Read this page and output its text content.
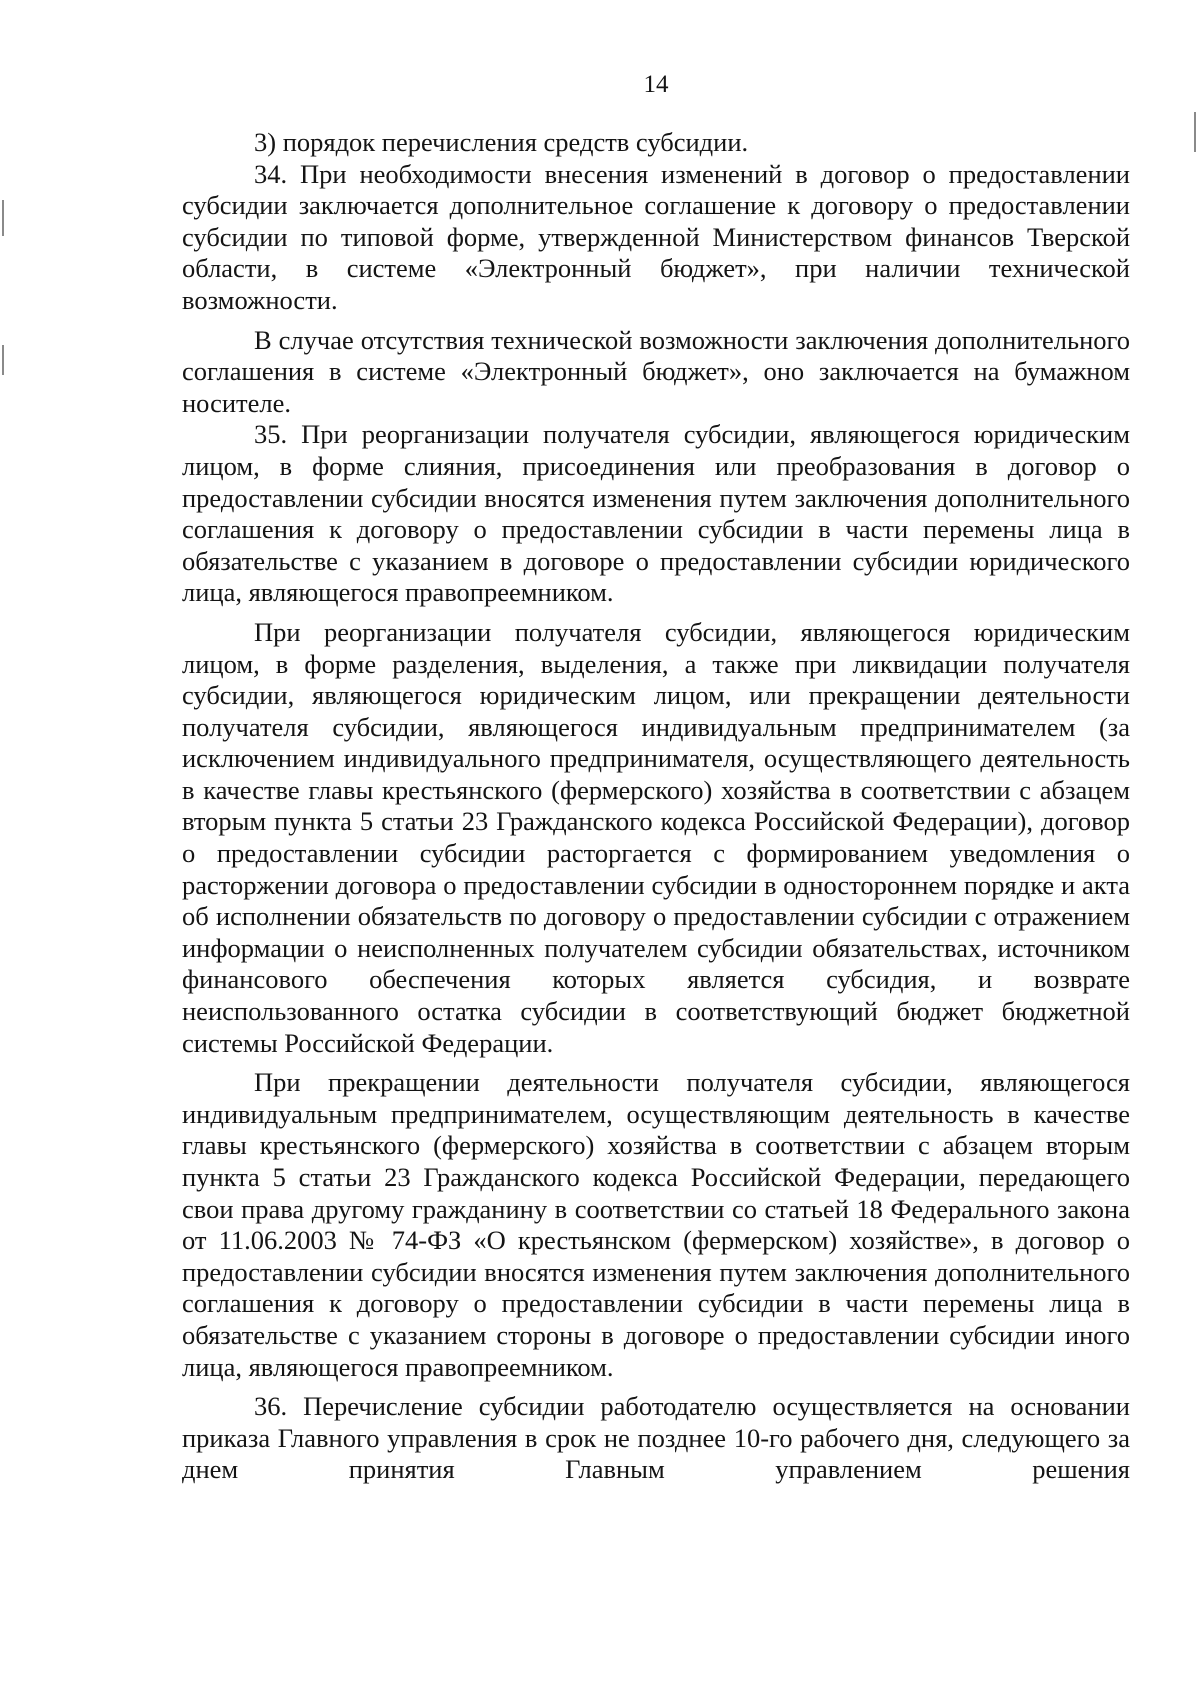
14

3) порядок перечисления средств субсидии.

34. При необходимости внесения изменений в договор о предоставлении субсидии заключается дополнительное соглашение к договору о предоставлении субсидии по типовой форме, утвержденной Министерством финансов Тверской области, в системе «Электронный бюджет», при наличии технической возможности.

В случае отсутствия технической возможности заключения дополнительного соглашения в системе «Электронный бюджет», оно заключается на бумажном носителе.

35. При реорганизации получателя субсидии, являющегося юридическим лицом, в форме слияния, присоединения или преобразования в договор о предоставлении субсидии вносятся изменения путем заключения дополнительного соглашения к договору о предоставлении субсидии в части перемены лица в обязательстве с указанием в договоре о предоставлении субсидии юридического лица, являющегося правопреемником.

При реорганизации получателя субсидии, являющегося юридическим лицом, в форме разделения, выделения, а также при ликвидации получателя субсидии, являющегося юридическим лицом, или прекращении деятельности получателя субсидии, являющегося индивидуальным предпринимателем (за исключением индивидуального предпринимателя, осуществляющего деятельность в качестве главы крестьянского (фермерского) хозяйства в соответствии с абзацем вторым пункта 5 статьи 23 Гражданского кодекса Российской Федерации), договор о предоставлении субсидии расторгается с формированием уведомления о расторжении договора о предоставлении субсидии в одностороннем порядке и акта об исполнении обязательств по договору о предоставлении субсидии с отражением информации о неисполненных получателем субсидии обязательствах, источником финансового обеспечения которых является субсидия, и возврате неиспользованного остатка субсидии в соответствующий бюджет бюджетной системы Российской Федерации.

При прекращении деятельности получателя субсидии, являющегося индивидуальным предпринимателем, осуществляющим деятельность в качестве главы крестьянского (фермерского) хозяйства в соответствии с абзацем вторым пункта 5 статьи 23 Гражданского кодекса Российской Федерации, передающего свои права другому гражданину в соответствии со статьей 18 Федерального закона от 11.06.2003 № 74-ФЗ «О крестьянском (фермерском) хозяйстве», в договор о предоставлении субсидии вносятся изменения путем заключения дополнительного соглашения к договору о предоставлении субсидии в части перемены лица в обязательстве с указанием стороны в договоре о предоставлении субсидии иного лица, являющегося правопреемником.

36. Перечисление субсидии работодателю осуществляется на основании приказа Главного управления в срок не позднее 10-го рабочего дня, следующего за днем принятия Главным управлением решения
